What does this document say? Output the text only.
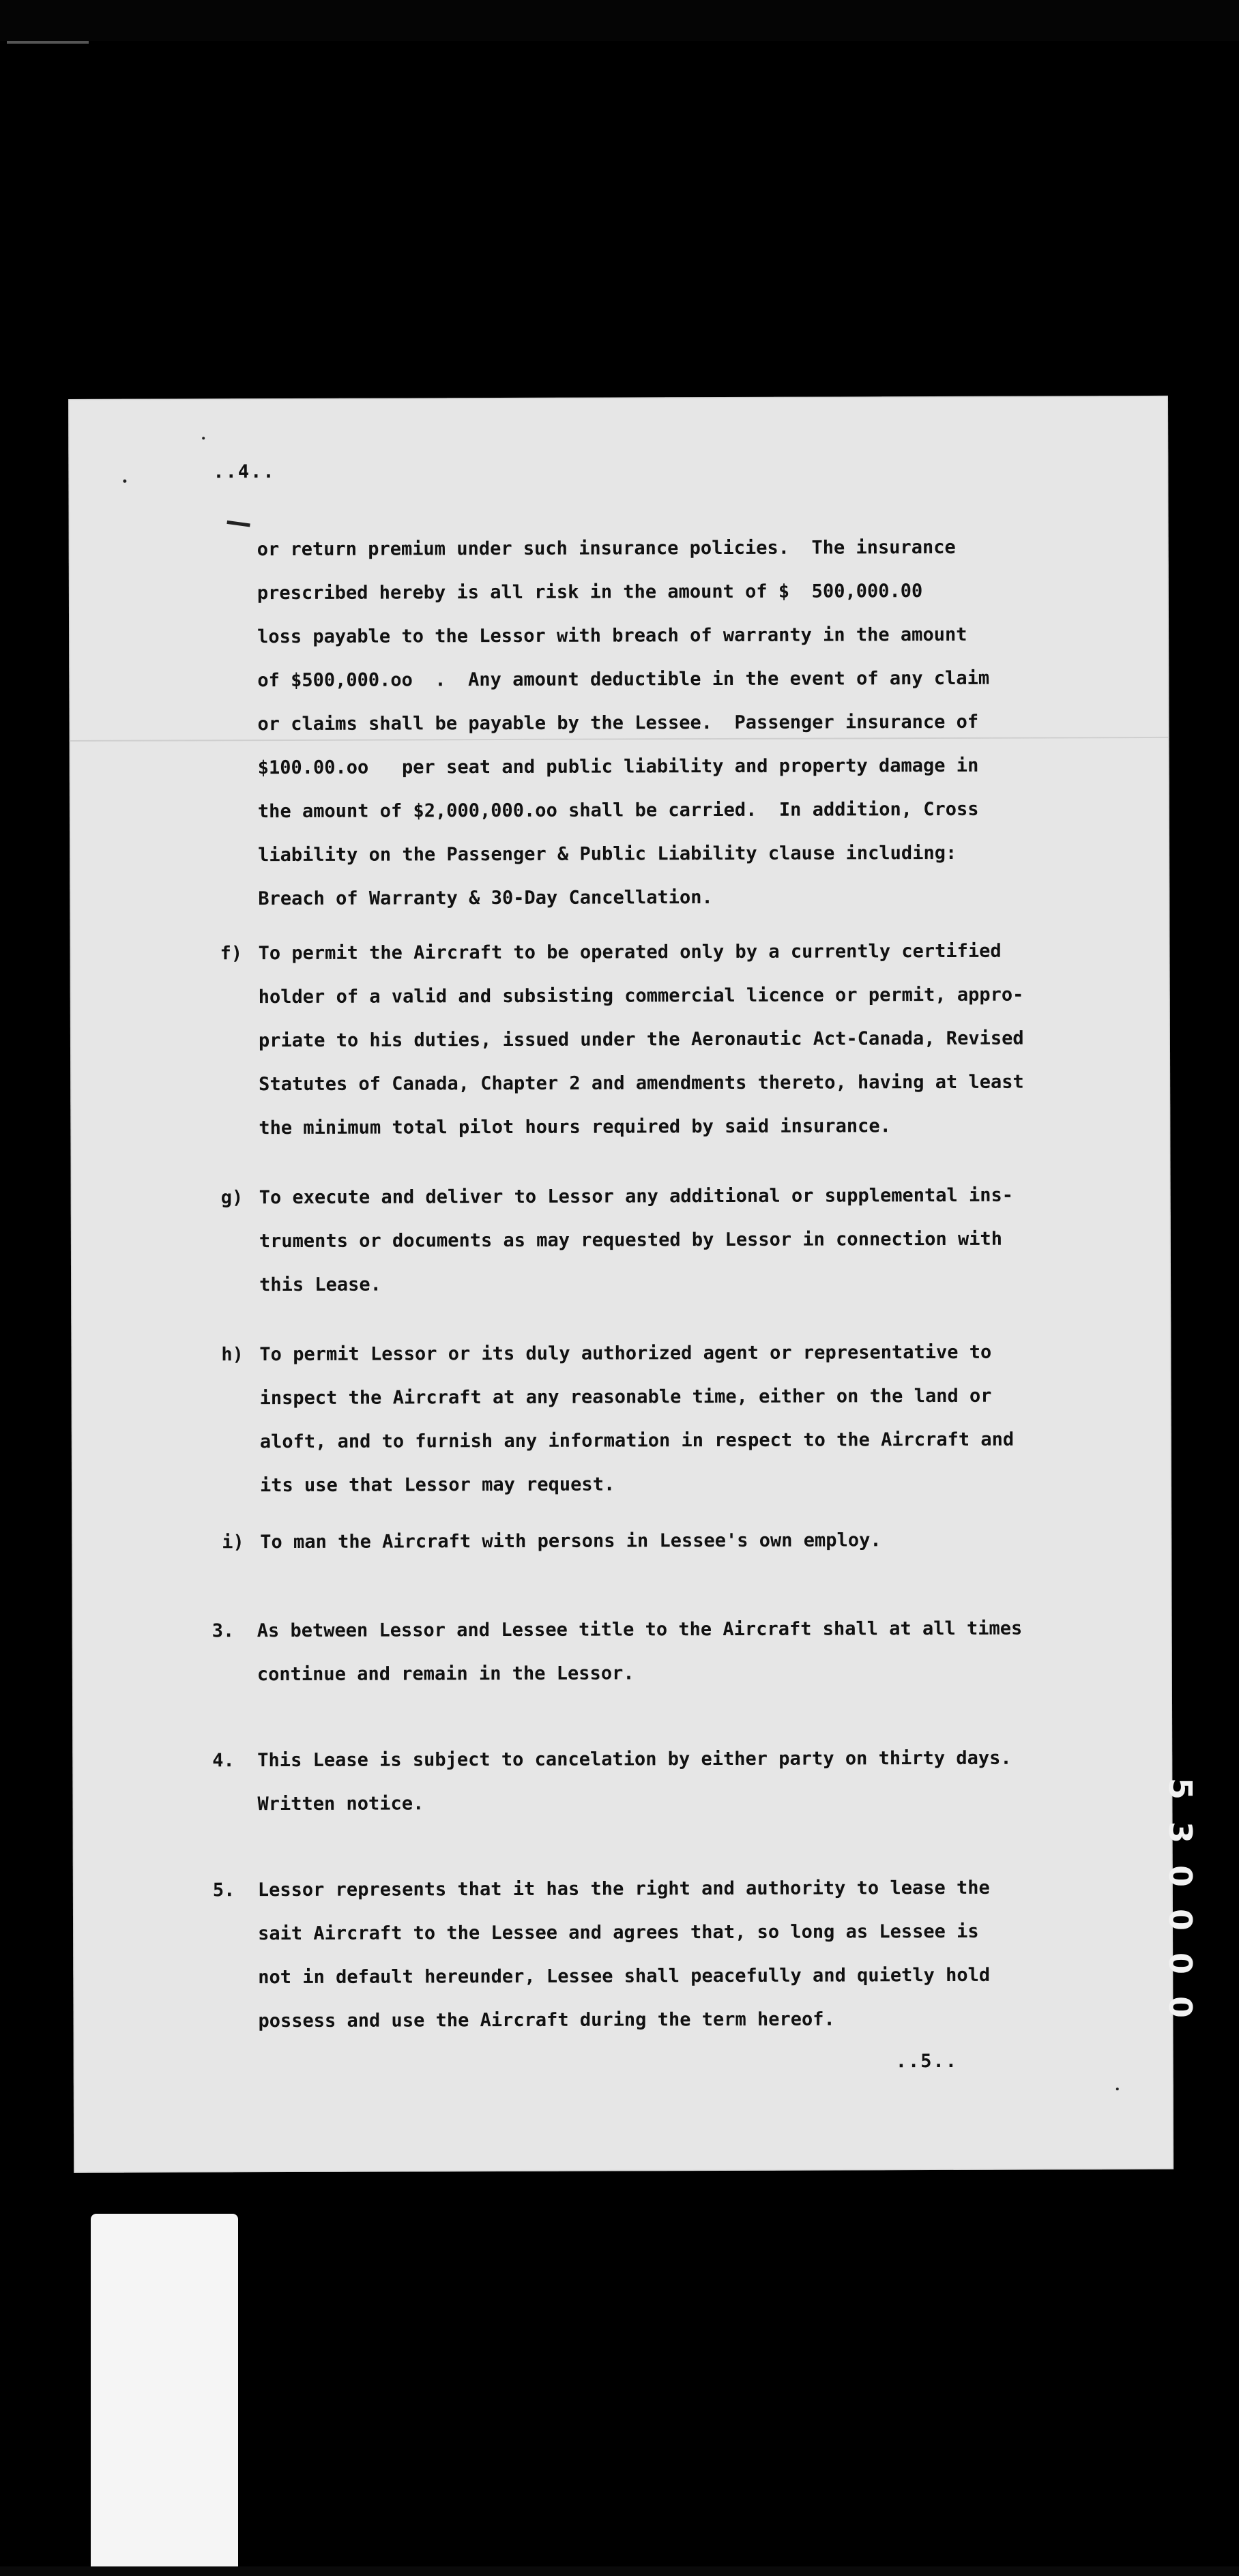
..4..
or return premium under such insurance policies.  The insurance
prescribed hereby is all risk in the amount of $  500,000.00
loss payable to the Lessor with breach of warranty in the amount
of $500,000.oo  .  Any amount deductible in the event of any claim
or claims shall be payable by the Lessee.  Passenger insurance of
$100.00.oo   per seat and public liability and property damage in
the amount of $2,000,000.oo shall be carried.  In addition, Cross
liability on the Passenger & Public Liability clause including:
Breach of Warranty & 30-Day Cancellation.
f) To permit the Aircraft to be operated only by a currently certified
holder of a valid and subsisting commercial licence or permit, appro-
priate to his duties, issued under the Aeronautic Act-Canada, Revised
Statutes of Canada, Chapter 2 and amendments thereto, having at least
the minimum total pilot hours required by said insurance.
g) To execute and deliver to Lessor any additional or supplemental ins-
truments or documents as may requested by Lessor in connection with
this Lease.
h) To permit Lessor or its duly authorized agent or representative to
inspect the Aircraft at any reasonable time, either on the land or
aloft, and to furnish any information in respect to the Aircraft and
its use that Lessor may request.
i) To man the Aircraft with persons in Lessee's own employ.
3. As between Lessor and Lessee title to the Aircraft shall at all times
continue and remain in the Lessor.
4. This Lease is subject to cancelation by either party on thirty days.
Written notice.
5. Lessor represents that it has the right and authority to lease the
sait Aircraft to the Lessee and agrees that, so long as Lessee is
not in default hereunder, Lessee shall peacefully and quietly hold
possess and use the Aircraft during the term hereof.
..5..
5
3
0
0
0
0
